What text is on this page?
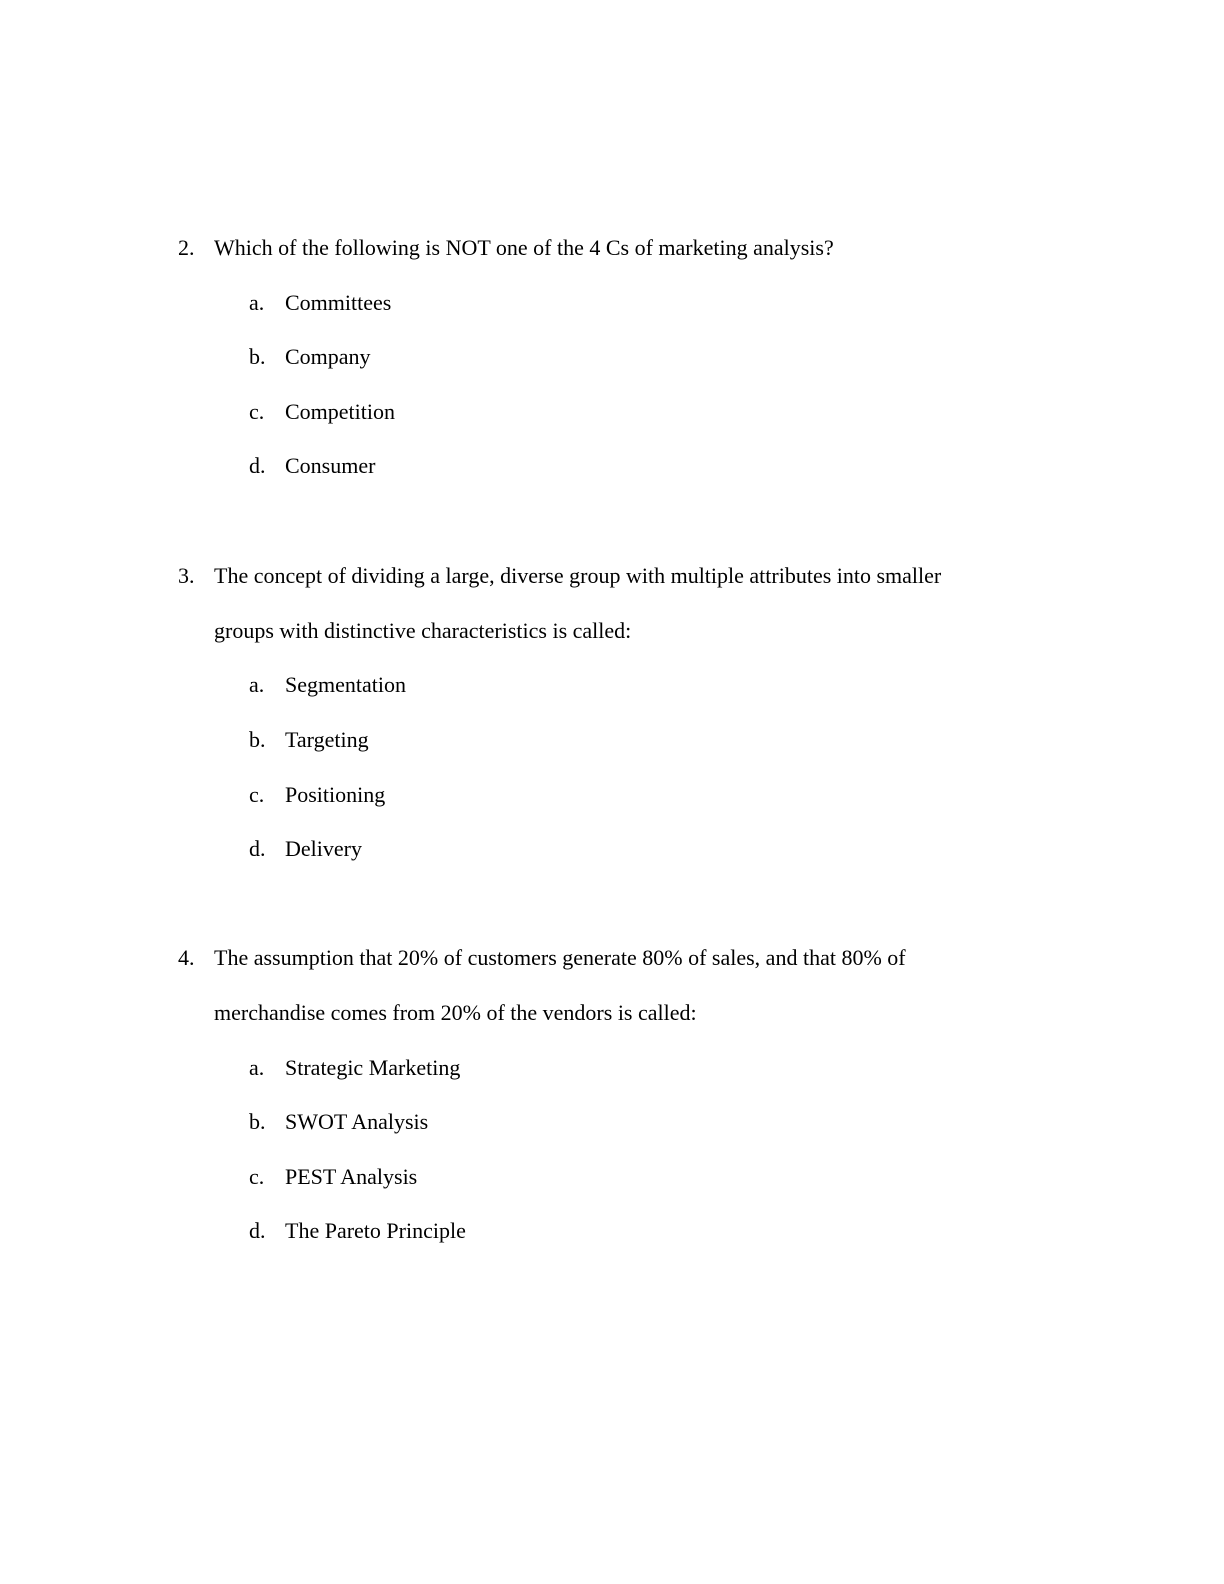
2. Which of the following is NOT one of the 4 Cs of marketing analysis?
a. Committees
b. Company
c. Competition
d. Consumer
3. The concept of dividing a large, diverse group with multiple attributes into smaller
groups with distinctive characteristics is called:
a. Segmentation
b. Targeting
c. Positioning
d. Delivery
4. The assumption that 20% of customers generate 80% of sales, and that 80% of
merchandise comes from 20% of the vendors is called:
a. Strategic Marketing
b. SWOT Analysis
c. PEST Analysis
d. The Pareto Principle
